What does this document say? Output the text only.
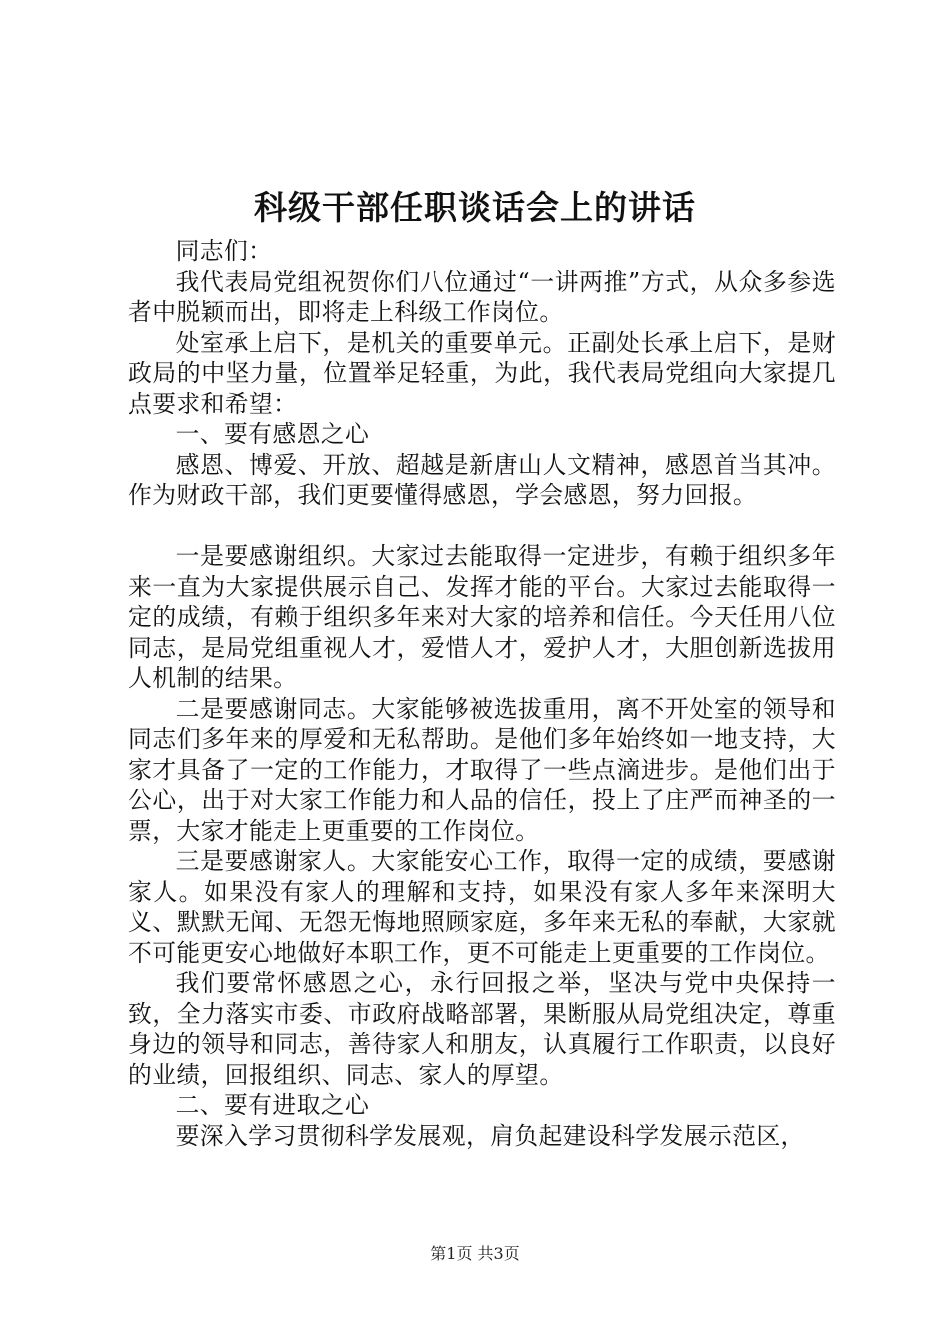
科级干部任职谈话会上的讲话

同志们：

我代表局党组祝贺你们八位通过“一讲两推”方式，从众多参选者中脱颖而出，即将走上科级工作岗位。

处室承上启下，是机关的重要单元。正副处长承上启下，是财政局的中坚力量，位置举足轻重，为此，我代表局党组向大家提几点要求和希望：

一、要有感恩之心

感恩、博爱、开放、超越是新唐山人文精神，感恩首当其冲。作为财政干部，我们更要懂得感恩，学会感恩，努力回报。

一是要感谢组织。大家过去能取得一定进步，有赖于组织多年来一直为大家提供展示自己、发挥才能的平台。大家过去能取得一定的成绩，有赖于组织多年来对大家的培养和信任。今天任用八位同志，是局党组重视人才，爱惜人才，爱护人才，大胆创新选拔用人机制的结果。

二是要感谢同志。大家能够被选拔重用，离不开处室的领导和同志们多年来的厚爱和无私帮助。是他们多年始终如一地支持，大家才具备了一定的工作能力，才取得了一些点滴进步。是他们出于公心，出于对大家工作能力和人品的信任，投上了庄严而神圣的一票，大家才能走上更重要的工作岗位。

三是要感谢家人。大家能安心工作，取得一定的成绩，要感谢家人。如果没有家人的理解和支持，如果没有家人多年来深明大义、默默无闻、无怨无悔地照顾家庭，多年来无私的奉献，大家就不可能更安心地做好本职工作，更不可能走上更重要的工作岗位。

我们要常怀感恩之心，永行回报之举，坚决与党中央保持一致，全力落实市委、市政府战略部署，果断服从局党组决定，尊重身边的领导和同志，善待家人和朋友，认真履行工作职责，以良好的业绩，回报组织、同志、家人的厚望。

二、要有进取之心

要深入学习贯彻科学发展观，肩负起建设科学发展示范区，

第1页 共3页
